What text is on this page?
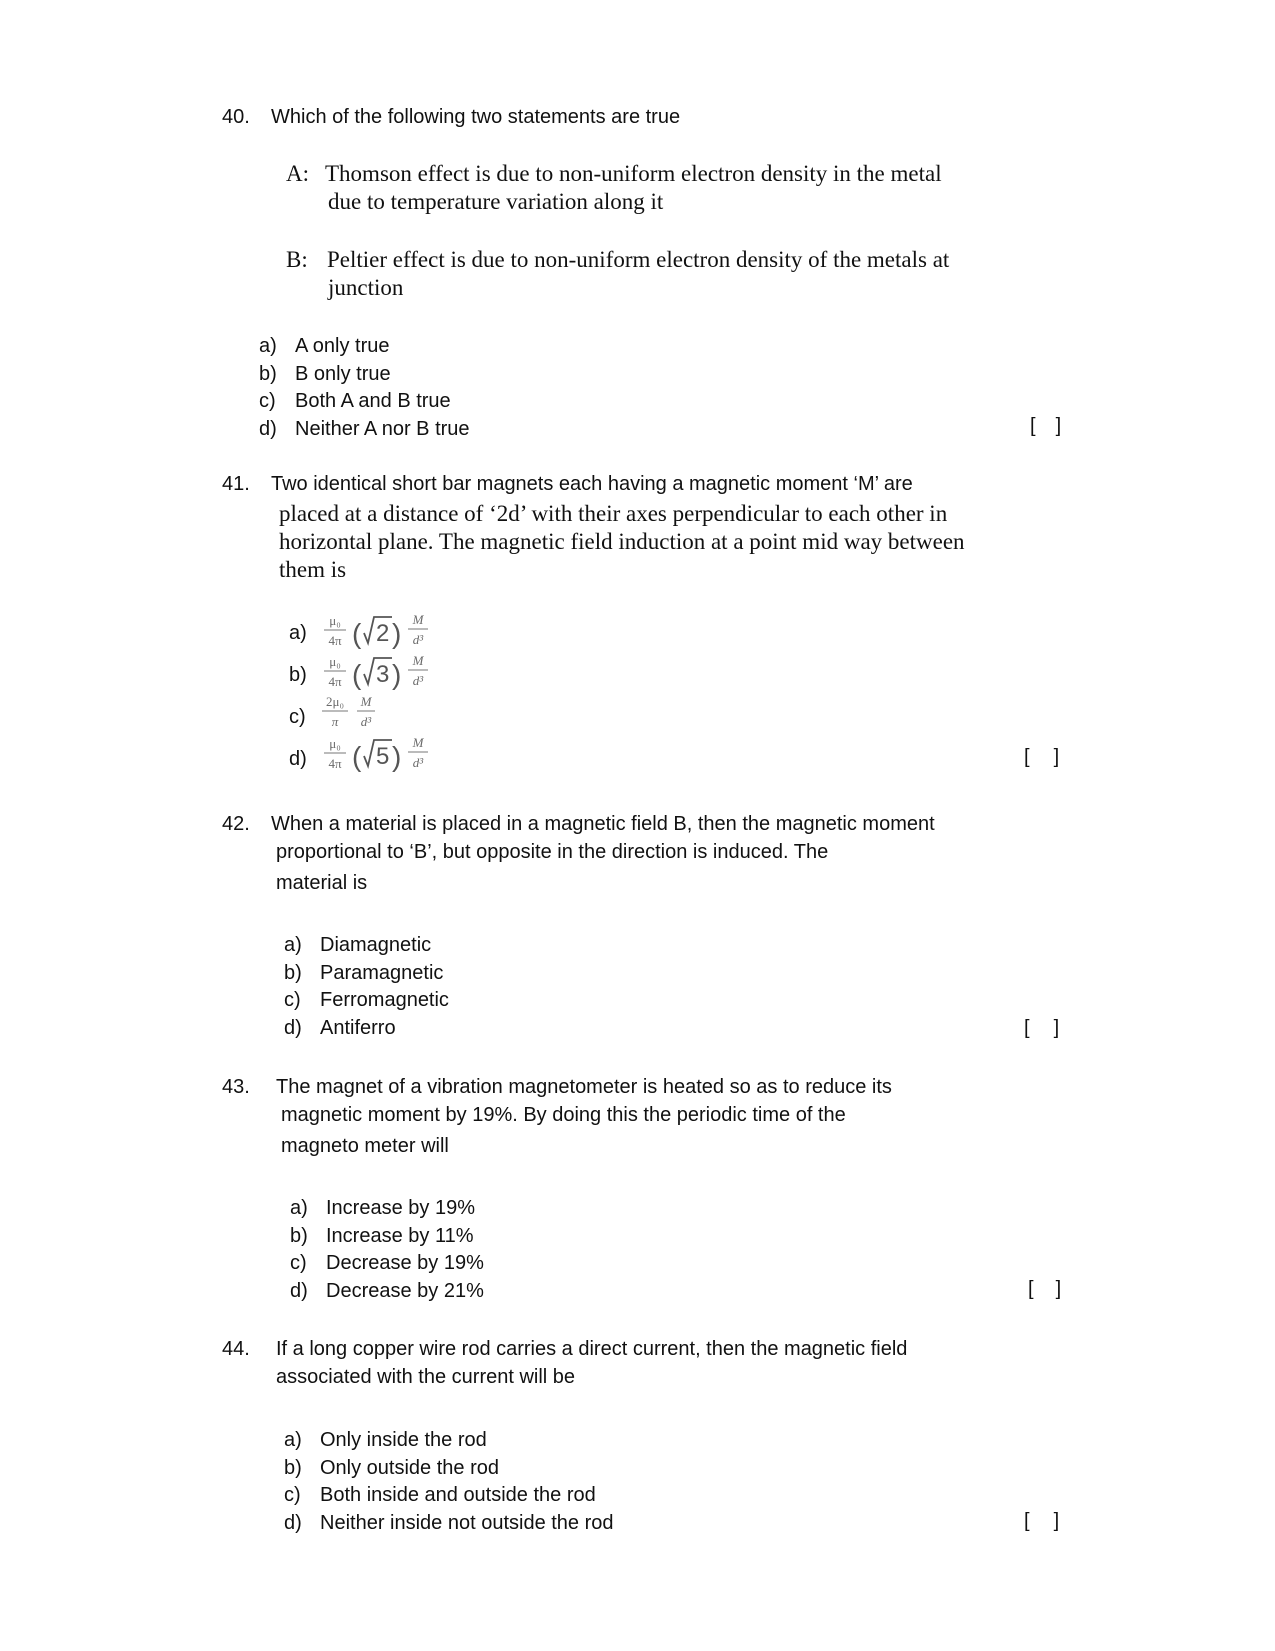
40. Which of the following two statements are true
A: Thomson effect is due to non-uniform electron density in the metal
due to temperature variation along it
B: Peltier effect is due to non-uniform electron density of the metals at
junction
a) A only true
b) B only true
c) Both A and B true
d) Neither A nor B true	[ ]
41. Two identical short bar magnets each having a magnetic moment ‘M’ are
placed at a distance of ‘2d’ with their axes perpendicular to each other in
horizontal plane. The magnetic field induction at a point mid way between
them is
a)
μ₀
4π ( 2 ) M
d³
b)
μ₀
4π ( 3 ) M
d³
c)
2μ₀
π
M
d³
d)
μ₀
4π ( 5 ) M
d³	[ ]
42. When a material is placed in a magnetic field B, then the magnetic moment
proportional to ‘B’, but opposite in the direction is induced. The
material is
a) Diamagnetic
b) Paramagnetic
c) Ferromagnetic
d) Antiferro	[ ]
43. The magnet of a vibration magnetometer is heated so as to reduce its
magnetic moment by 19%. By doing this the periodic time of the
magneto meter will
a) Increase by 19%
b) Increase by 11%
c) Decrease by 19%
d) Decrease by 21%	[ ]
44. If a long copper wire rod carries a direct current, then the magnetic field
associated with the current will be
a) Only inside the rod
b) Only outside the rod
c) Both inside and outside the rod
d) Neither inside not outside the rod	[ ]
